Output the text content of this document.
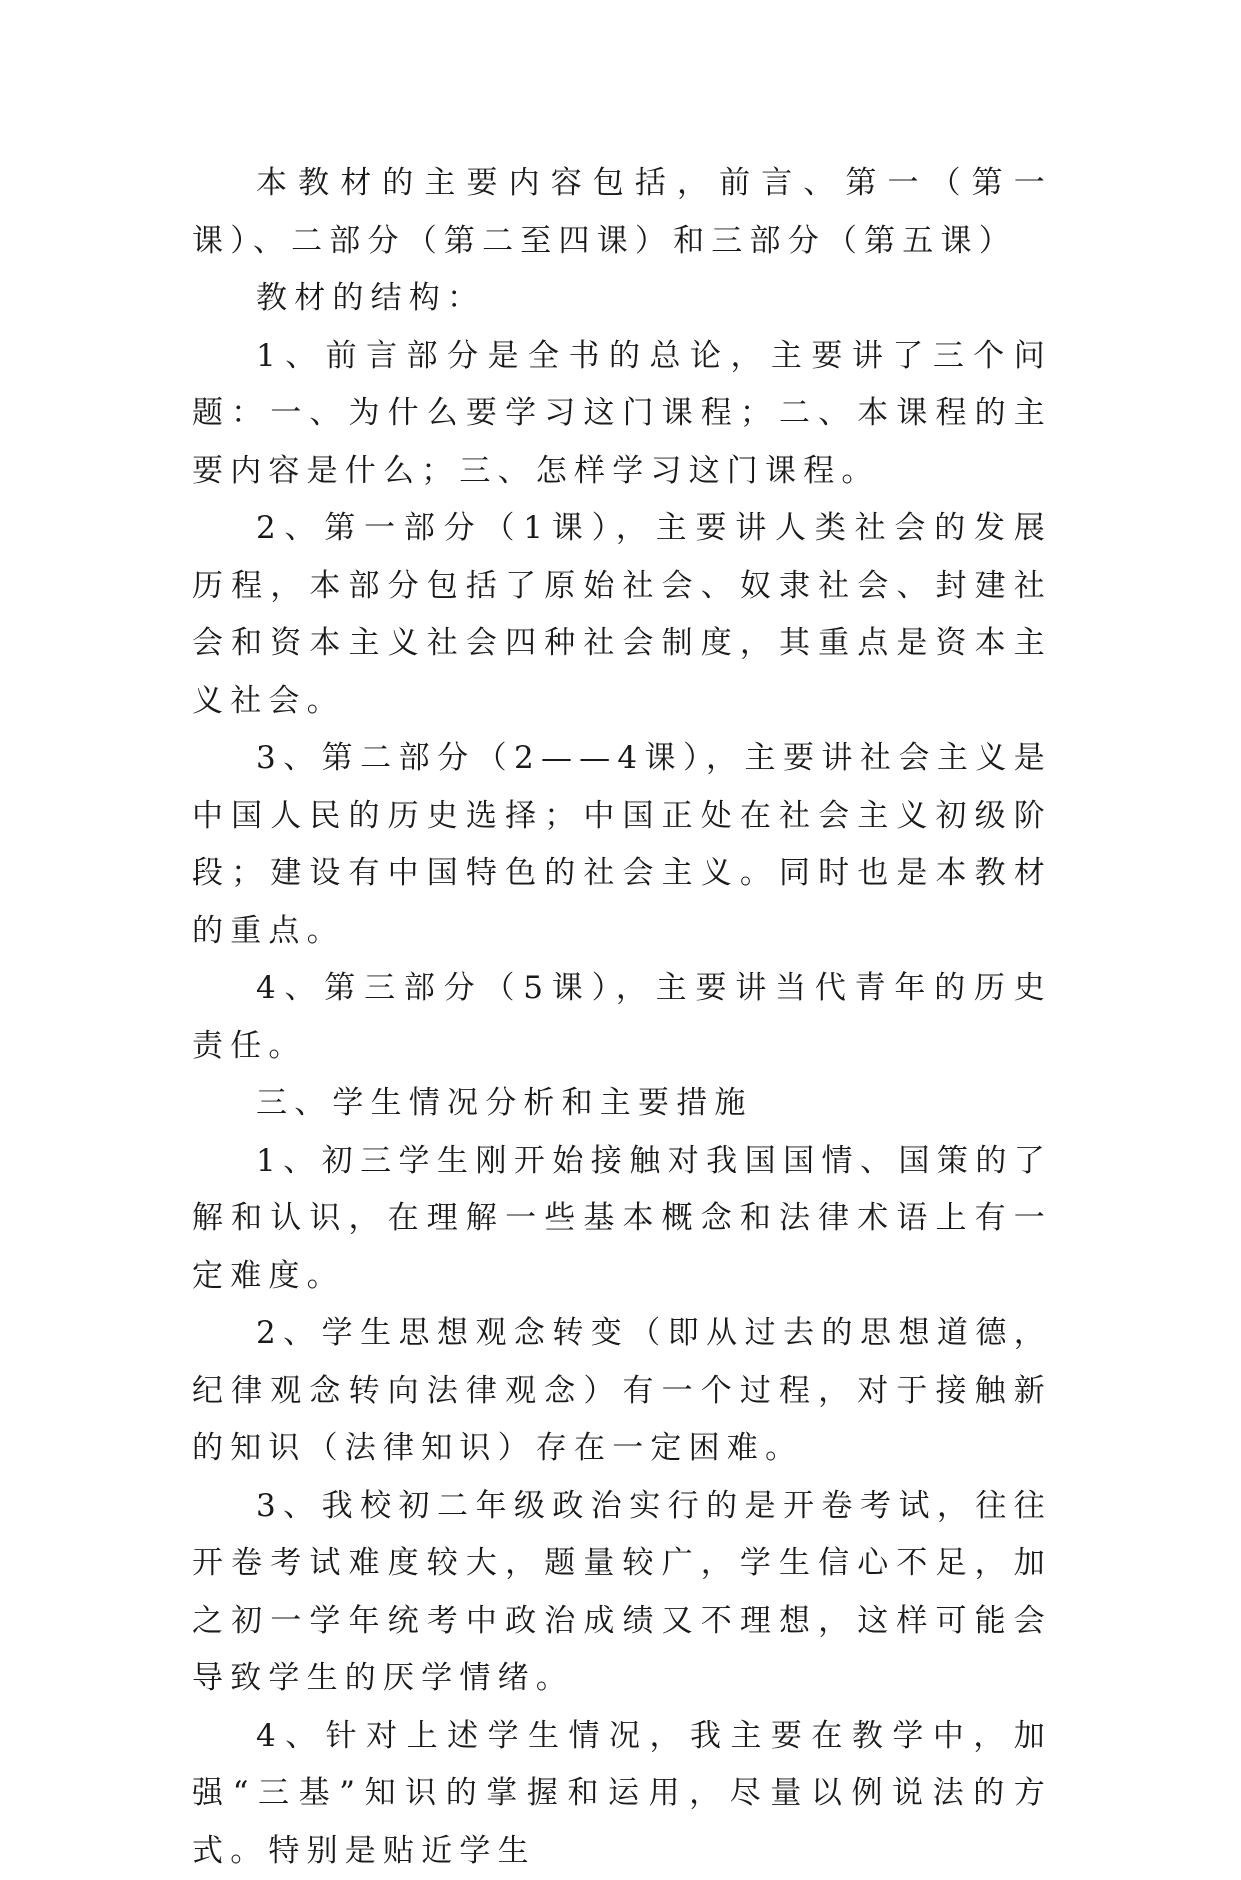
本教材的主要内容包括，前言、第一（第一课）、二部分（第二至四课）和三部分（第五课）

教材的结构：

1、前言部分是全书的总论，主要讲了三个问题：一、为什么要学习这门课程；二、本课程的主要内容是什么；三、怎样学习这门课程。

2、第一部分（1课），主要讲人类社会的发展历程，本部分包括了原始社会、奴隶社会、封建社会和资本主义社会四种社会制度，其重点是资本主义社会。

3、第二部分（2——4课），主要讲社会主义是中国人民的历史选择；中国正处在社会主义初级阶段；建设有中国特色的社会主义。同时也是本教材的重点。

4、第三部分（5课），主要讲当代青年的历史责任。

三、学生情况分析和主要措施

1、初三学生刚开始接触对我国国情、国策的了解和认识，在理解一些基本概念和法律术语上有一定难度。

2、学生思想观念转变（即从过去的思想道德，纪律观念转向法律观念）有一个过程，对于接触新的知识（法律知识）存在一定困难。

3、我校初二年级政治实行的是开卷考试，往往开卷考试难度较大，题量较广，学生信心不足，加之初一学年统考中政治成绩又不理想，这样可能会导致学生的厌学情绪。

4、针对上述学生情况，我主要在教学中，加强“三基”知识的掌握和运用，尽量以例说法的方式。特别是贴近学生
